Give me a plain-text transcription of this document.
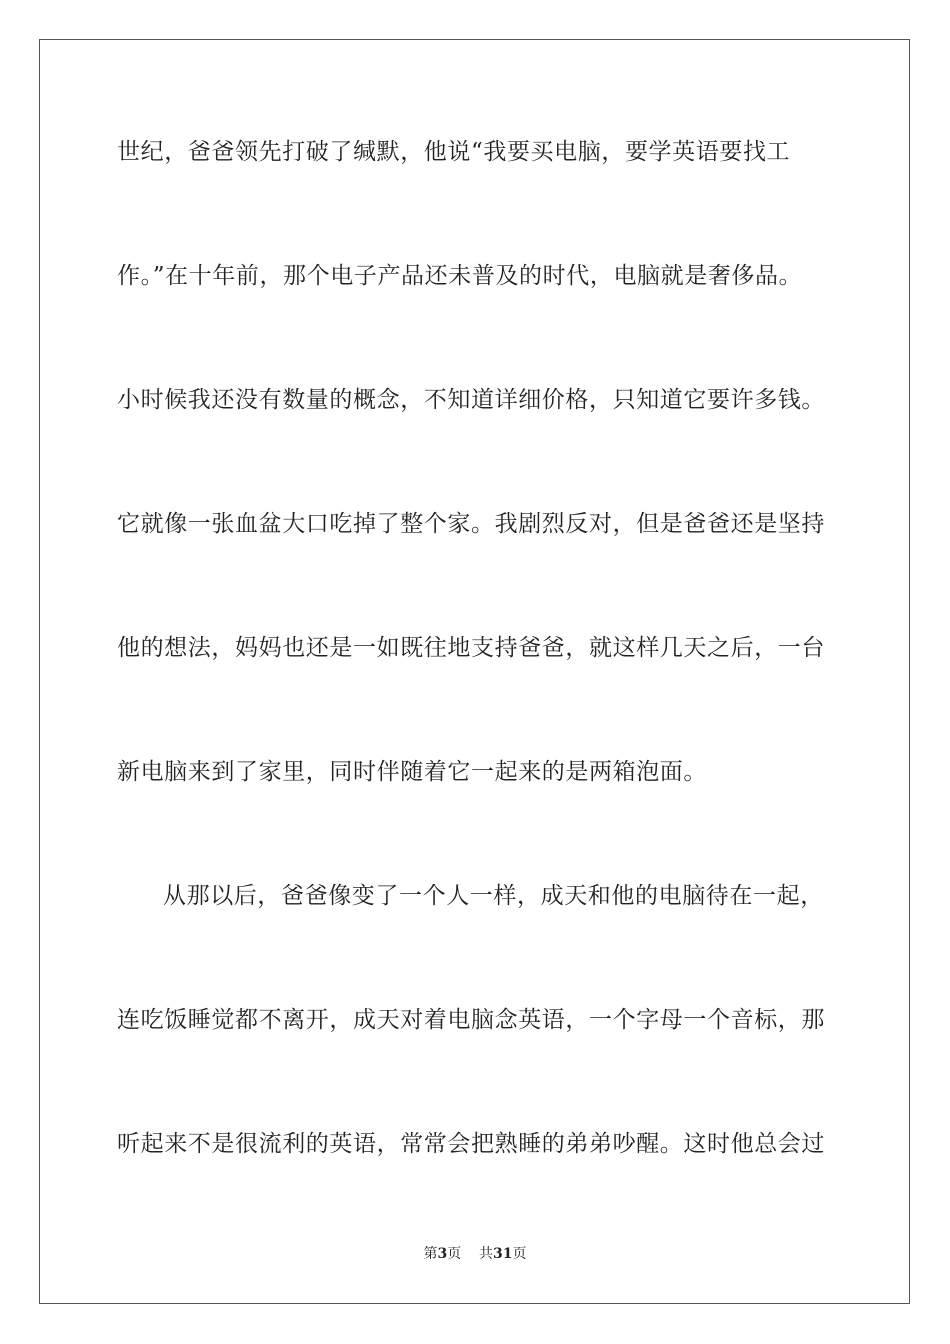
世纪，爸爸领先打破了缄默，他说“我要买电脑，要学英语要找工
作。”在十年前，那个电子产品还未普及的时代，电脑就是奢侈品。
小时候我还没有数量的概念，不知道详细价格，只知道它要许多钱。
它就像一张血盆大口吃掉了整个家。我剧烈反对，但是爸爸还是坚持
他的想法，妈妈也还是一如既往地支持爸爸，就这样几天之后，一台
新电脑来到了家里，同时伴随着它一起来的是两箱泡面。
从那以后，爸爸像变了一个人一样，成天和他的电脑待在一起，
连吃饭睡觉都不离开，成天对着电脑念英语，一个字母一个音标，那
听起来不是很流利的英语，常常会把熟睡的弟弟吵醒。这时他总会过
第3页 共31页
